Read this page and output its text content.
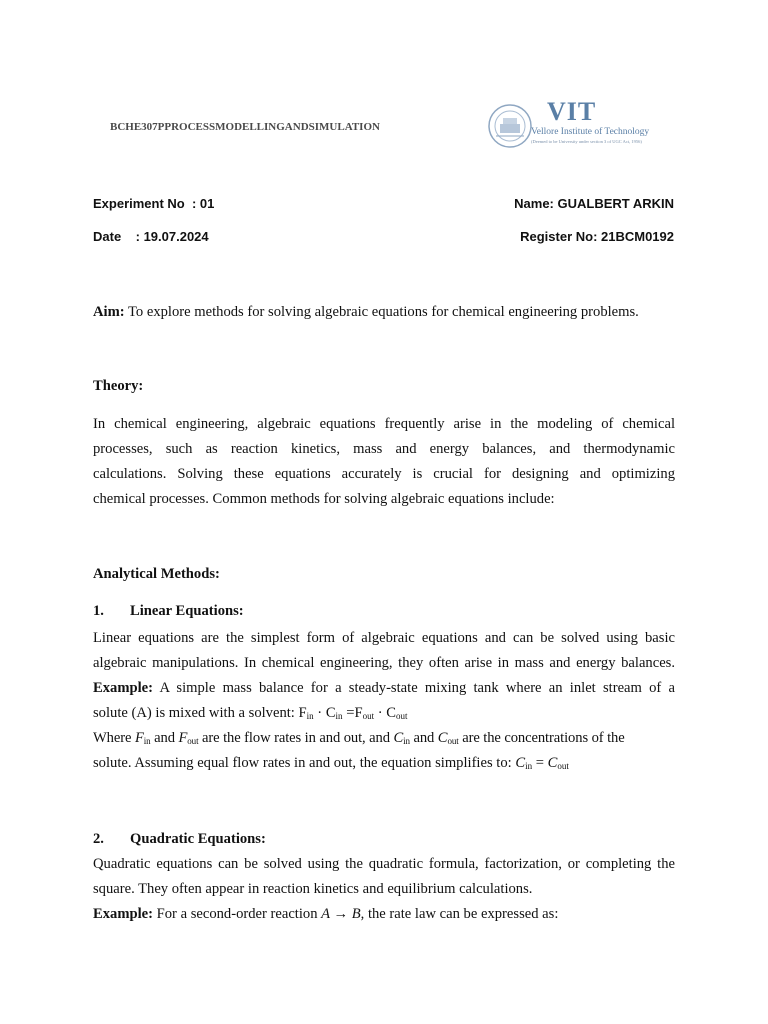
BCHE307PPROCESSMODELLINGANDSIMULATION
VIT
Vellore Institute of Technology
(Deemed to be University under section 3 of UGC Act, 1956)
Experiment No  : 01	Name: GUALBERT ARKIN
Date    : 19.07.2024	Register No: 21BCM0192
Aim: To explore methods for solving algebraic equations for chemical engineering problems.
Theory:
In chemical engineering, algebraic equations frequently arise in the modeling of chemical
processes, such as reaction kinetics, mass and energy balances, and thermodynamic
calculations. Solving these equations accurately is crucial for designing and optimizing
chemical processes. Common methods for solving algebraic equations include:
Analytical Methods:
1. Linear Equations:
Linear equations are the simplest form of algebraic equations and can be solved using basic
algebraic manipulations. In chemical engineering, they often arise in mass and energy balances.
Example: A simple mass balance for a steady-state mixing tank where an inlet stream of a
solute (A) is mixed with a solvent: $F_{in} \cdot C_{in} =F_{out} \cdot C_{out}$
Where $F_{in}$ and $F_{out}$ are the flow rates in and out, and $C_{in}$ and $C_{out}$ are the concentrations of the
solute. Assuming equal flow rates in and out, the equation simplifies to: $C_{in} = C_{out}$
2. Quadratic Equations:
Quadratic equations can be solved using the quadratic formula, factorization, or completing the
square. They often appear in reaction kinetics and equilibrium calculations.
Example: For a second-order reaction A → B, the rate law can be expressed as:
